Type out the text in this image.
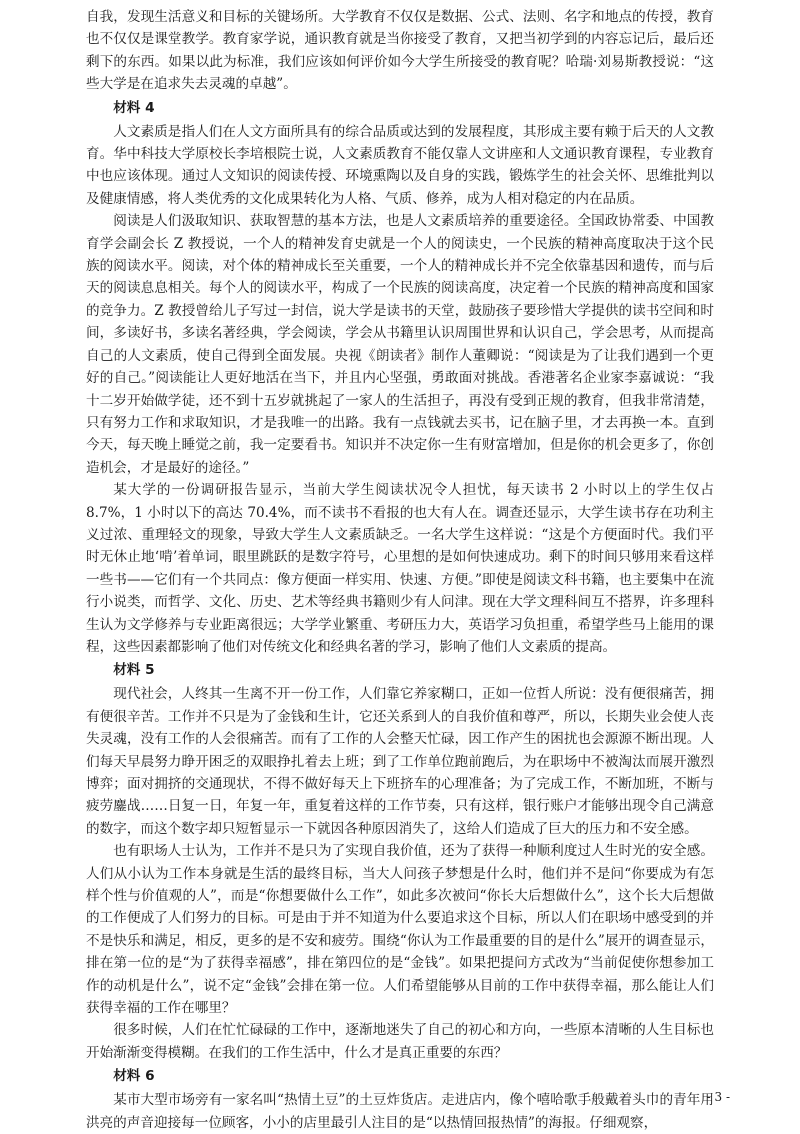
自我，发现生活意义和目标的关键场所。大学教育不仅仅是数据、公式、法则、名字和地点的传授，教育也不仅仅是课堂教学。教育家学说，通识教育就是当你接受了教育，又把当初学到的内容忘记后，最后还剩下的东西。如果以此为标准，我们应该如何评价如今大学生所接受的教育呢？哈瑞·刘易斯教授说：“这些大学是在追求失去灵魂的卓越”。

材料 4

人文素质是指人们在人文方面所具有的综合品质或达到的发展程度，其形成主要有赖于后天的人文教育。华中科技大学原校长李培根院士说，人文素质教育不能仅靠人文讲座和人文通识教育课程，专业教育中也应该体现。通过人文知识的阅读传授、环境熏陶以及自身的实践，锻炼学生的社会关怀、思维批判以及健康情感，将人类优秀的文化成果转化为人格、气质、修养，成为人相对稳定的内在品质。

阅读是人们汲取知识、获取智慧的基本方法，也是人文素质培养的重要途径。全国政协常委、中国教育学会副会长 Z 教授说，一个人的精神发育史就是一个人的阅读史，一个民族的精神高度取决于这个民族的阅读水平。阅读，对个体的精神成长至关重要，一个人的精神成长并不完全依靠基因和遗传，而与后天的阅读息息相关。每个人的阅读水平，构成了一个民族的阅读高度，决定着一个民族的精神高度和国家的竞争力。Z 教授曾给儿子写过一封信，说大学是读书的天堂，鼓励孩子要珍惜大学提供的读书空间和时间，多读好书，多读名著经典，学会阅读，学会从书籍里认识周围世界和认识自己，学会思考，从而提高自己的人文素质，使自己得到全面发展。央视《朗读者》制作人董卿说：“阅读是为了让我们遇到一个更好的自己。”阅读能让人更好地活在当下，并且内心坚强，勇敢面对挑战。香港著名企业家李嘉诚说：“我十二岁开始做学徒，还不到十五岁就挑起了一家人的生活担子，再没有受到正规的教育，但我非常清楚，只有努力工作和求取知识，才是我唯一的出路。我有一点钱就去买书，记在脑子里，才去再换一本。直到今天，每天晚上睡觉之前，我一定要看书。知识并不决定你一生有财富增加，但是你的机会更多了，你创造机会，才是最好的途径。”

某大学的一份调研报告显示，当前大学生阅读状况令人担忧，每天读书 2 小时以上的学生仅占 8.7%，1 小时以下的高达 70.4%，而不读书不看报的也大有人在。调查还显示，大学生读书存在功利主义过浓、重理轻文的现象，导致大学生人文素质缺乏。一名大学生这样说：“这是个方便面时代。我们平时无休止地‘啃’着单词，眼里跳跃的是数字符号，心里想的是如何快速成功。剩下的时间只够用来看这样一些书——它们有一个共同点：像方便面一样实用、快速、方便。”即使是阅读文科书籍，也主要集中在流行小说类，而哲学、文化、历史、艺术等经典书籍则少有人问津。现在大学文理科间互不搭界，许多理科生认为文学修养与专业距离很远；大学学业繁重、考研压力大，英语学习负担重，希望学些马上能用的课程，这些因素都影响了他们对传统文化和经典名著的学习，影响了他们人文素质的提高。

材料 5

现代社会，人终其一生离不开一份工作，人们靠它养家糊口，正如一位哲人所说：没有便很痛苦，拥有便很辛苦。工作并不只是为了金钱和生计，它还关系到人的自我价值和尊严，所以，长期失业会使人丧失灵魂，没有工作的人会很痛苦。而有了工作的人会整天忙碌，因工作产生的困扰也会源源不断出现。人们每天早晨努力睁开困乏的双眼挣扎着去上班；到了工作单位跑前跑后，为在职场中不被淘汰而展开激烈博弈；面对拥挤的交通现状，不得不做好每天上下班挤车的心理准备；为了完成工作，不断加班，不断与疲劳鏖战……日复一日，年复一年，重复着这样的工作节奏，只有这样，银行账户才能够出现令自己满意的数字，而这个数字却只短暂显示一下就因各种原因消失了，这给人们造成了巨大的压力和不安全感。

也有职场人士认为，工作并不是只为了实现自我价值，还为了获得一种顺利度过人生时光的安全感。人们从小认为工作本身就是生活的最终目标，当大人问孩子梦想是什么时，他们并不是问“你要成为有怎样个性与价值观的人”，而是“你想要做什么工作”，如此多次被问“你长大后想做什么”，这个长大后想做的工作便成了人们努力的目标。可是由于并不知道为什么要追求这个目标，所以人们在职场中感受到的并不是快乐和满足，相反，更多的是不安和疲劳。围绕“你认为工作最重要的目的是什么”展开的调查显示，排在第一位的是“为了获得幸福感”，排在第四位的是“金钱”。如果把提问方式改为“当前促使你想参加工作的动机是什么”，说不定“金钱”会排在第一位。人们希望能够从目前的工作中获得幸福，那么能让人们获得幸福的工作在哪里？

很多时候，人们在忙忙碌碌的工作中，逐渐地迷失了自己的初心和方向，一些原本清晰的人生目标也开始渐渐变得模糊。在我们的工作生活中，什么才是真正重要的东西？

材料 6

某市大型市场旁有一家名叫“热情土豆”的土豆炸货店。走进店内，像个嘻哈歌手般戴着头巾的青年用洪亮的声音迎接每一位顾客，小小的店里最引人注目的是“以热情回报热情”的海报。仔细观察，

- 3 -
